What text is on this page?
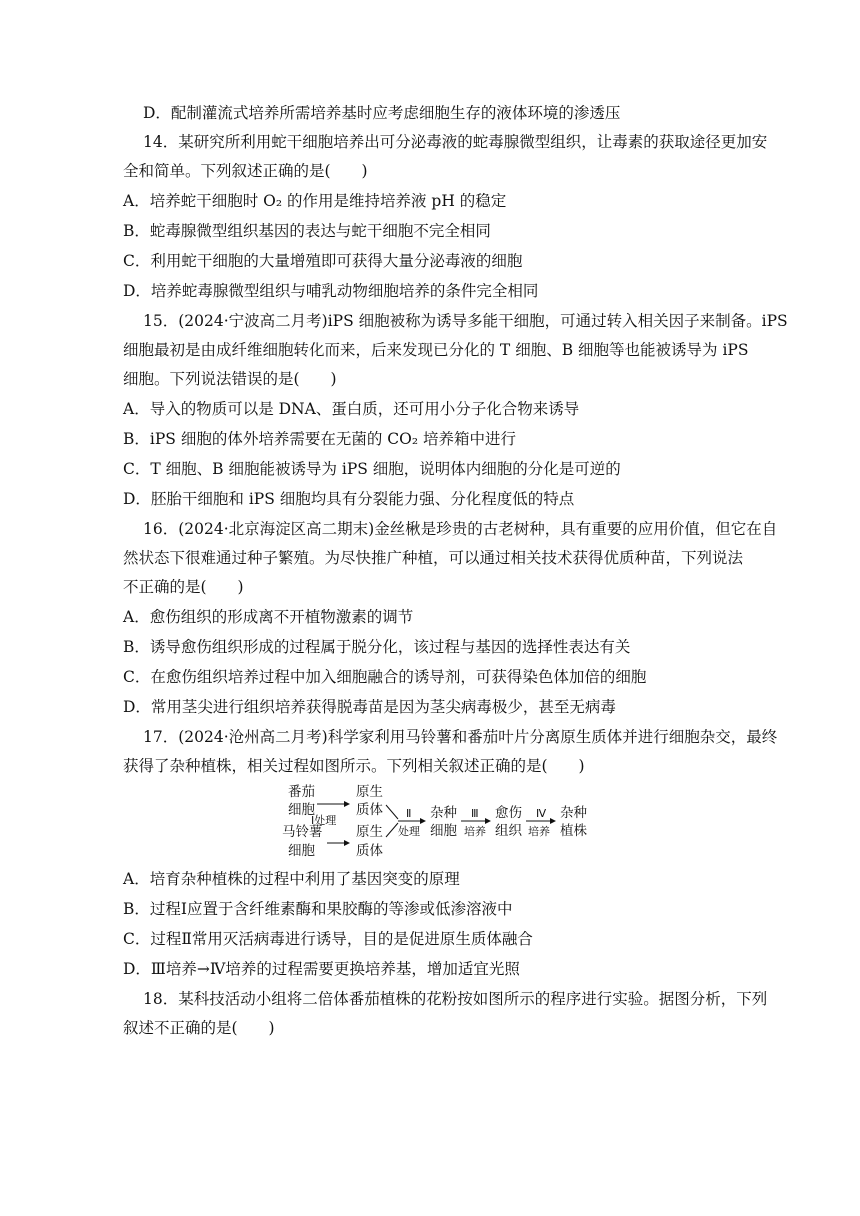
D．配制灌流式培养所需培养基时应考虑细胞生存的液体环境的渗透压
14．某研究所利用蛇干细胞培养出可分泌毒液的蛇毒腺微型组织，让毒素的获取途径更加安
全和简单。下列叙述正确的是(　　)
A．培养蛇干细胞时 O₂ 的作用是维持培养液 pH 的稳定
B．蛇毒腺微型组织基因的表达与蛇干细胞不完全相同
C．利用蛇干细胞的大量增殖即可获得大量分泌毒液的细胞
D．培养蛇毒腺微型组织与哺乳动物细胞培养的条件完全相同
15．(2024·宁波高二月考)iPS 细胞被称为诱导多能干细胞，可通过转入相关因子来制备。iPS
细胞最初是由成纤维细胞转化而来，后来发现已分化的 T 细胞、B 细胞等也能被诱导为 iPS
细胞。下列说法错误的是(　　)
A．导入的物质可以是 DNA、蛋白质，还可用小分子化合物来诱导
B．iPS 细胞的体外培养需要在无菌的 CO₂ 培养箱中进行
C．T 细胞、B 细胞能被诱导为 iPS 细胞，说明体内细胞的分化是可逆的
D．胚胎干细胞和 iPS 细胞均具有分裂能力强、分化程度低的特点
16．(2024·北京海淀区高二期末)金丝楸是珍贵的古老树种，具有重要的应用价值，但它在自
然状态下很难通过种子繁殖。为尽快推广种植，可以通过相关技术获得优质种苗，下列说法
不正确的是(　　)
A．愈伤组织的形成离不开植物激素的调节
B．诱导愈伤组织形成的过程属于脱分化，该过程与基因的选择性表达有关
C．在愈伤组织培养过程中加入细胞融合的诱导剂，可获得染色体加倍的细胞
D．常用茎尖进行组织培养获得脱毒苗是因为茎尖病毒极少，甚至无病毒
17．(2024·沧州高二月考)科学家利用马铃薯和番茄叶片分离原生质体并进行细胞杂交，最终
获得了杂种植株，相关过程如图所示。下列相关叙述正确的是(　　)
番茄
细胞
马铃薯
细胞
Ⅰ处理
原生
质体
原生
质体
Ⅱ
处理
杂种
细胞
Ⅲ
培养
愈伤
组织
Ⅳ
培养
杂种
植株
A．培育杂种植株的过程中利用了基因突变的原理
B．过程Ⅰ应置于含纤维素酶和果胶酶的等渗或低渗溶液中
C．过程Ⅱ常用灭活病毒进行诱导，目的是促进原生质体融合
D．Ⅲ培养→Ⅳ培养的过程需要更换培养基，增加适宜光照
18．某科技活动小组将二倍体番茄植株的花粉按如图所示的程序进行实验。据图分析，下列
叙述不正确的是(　　)
